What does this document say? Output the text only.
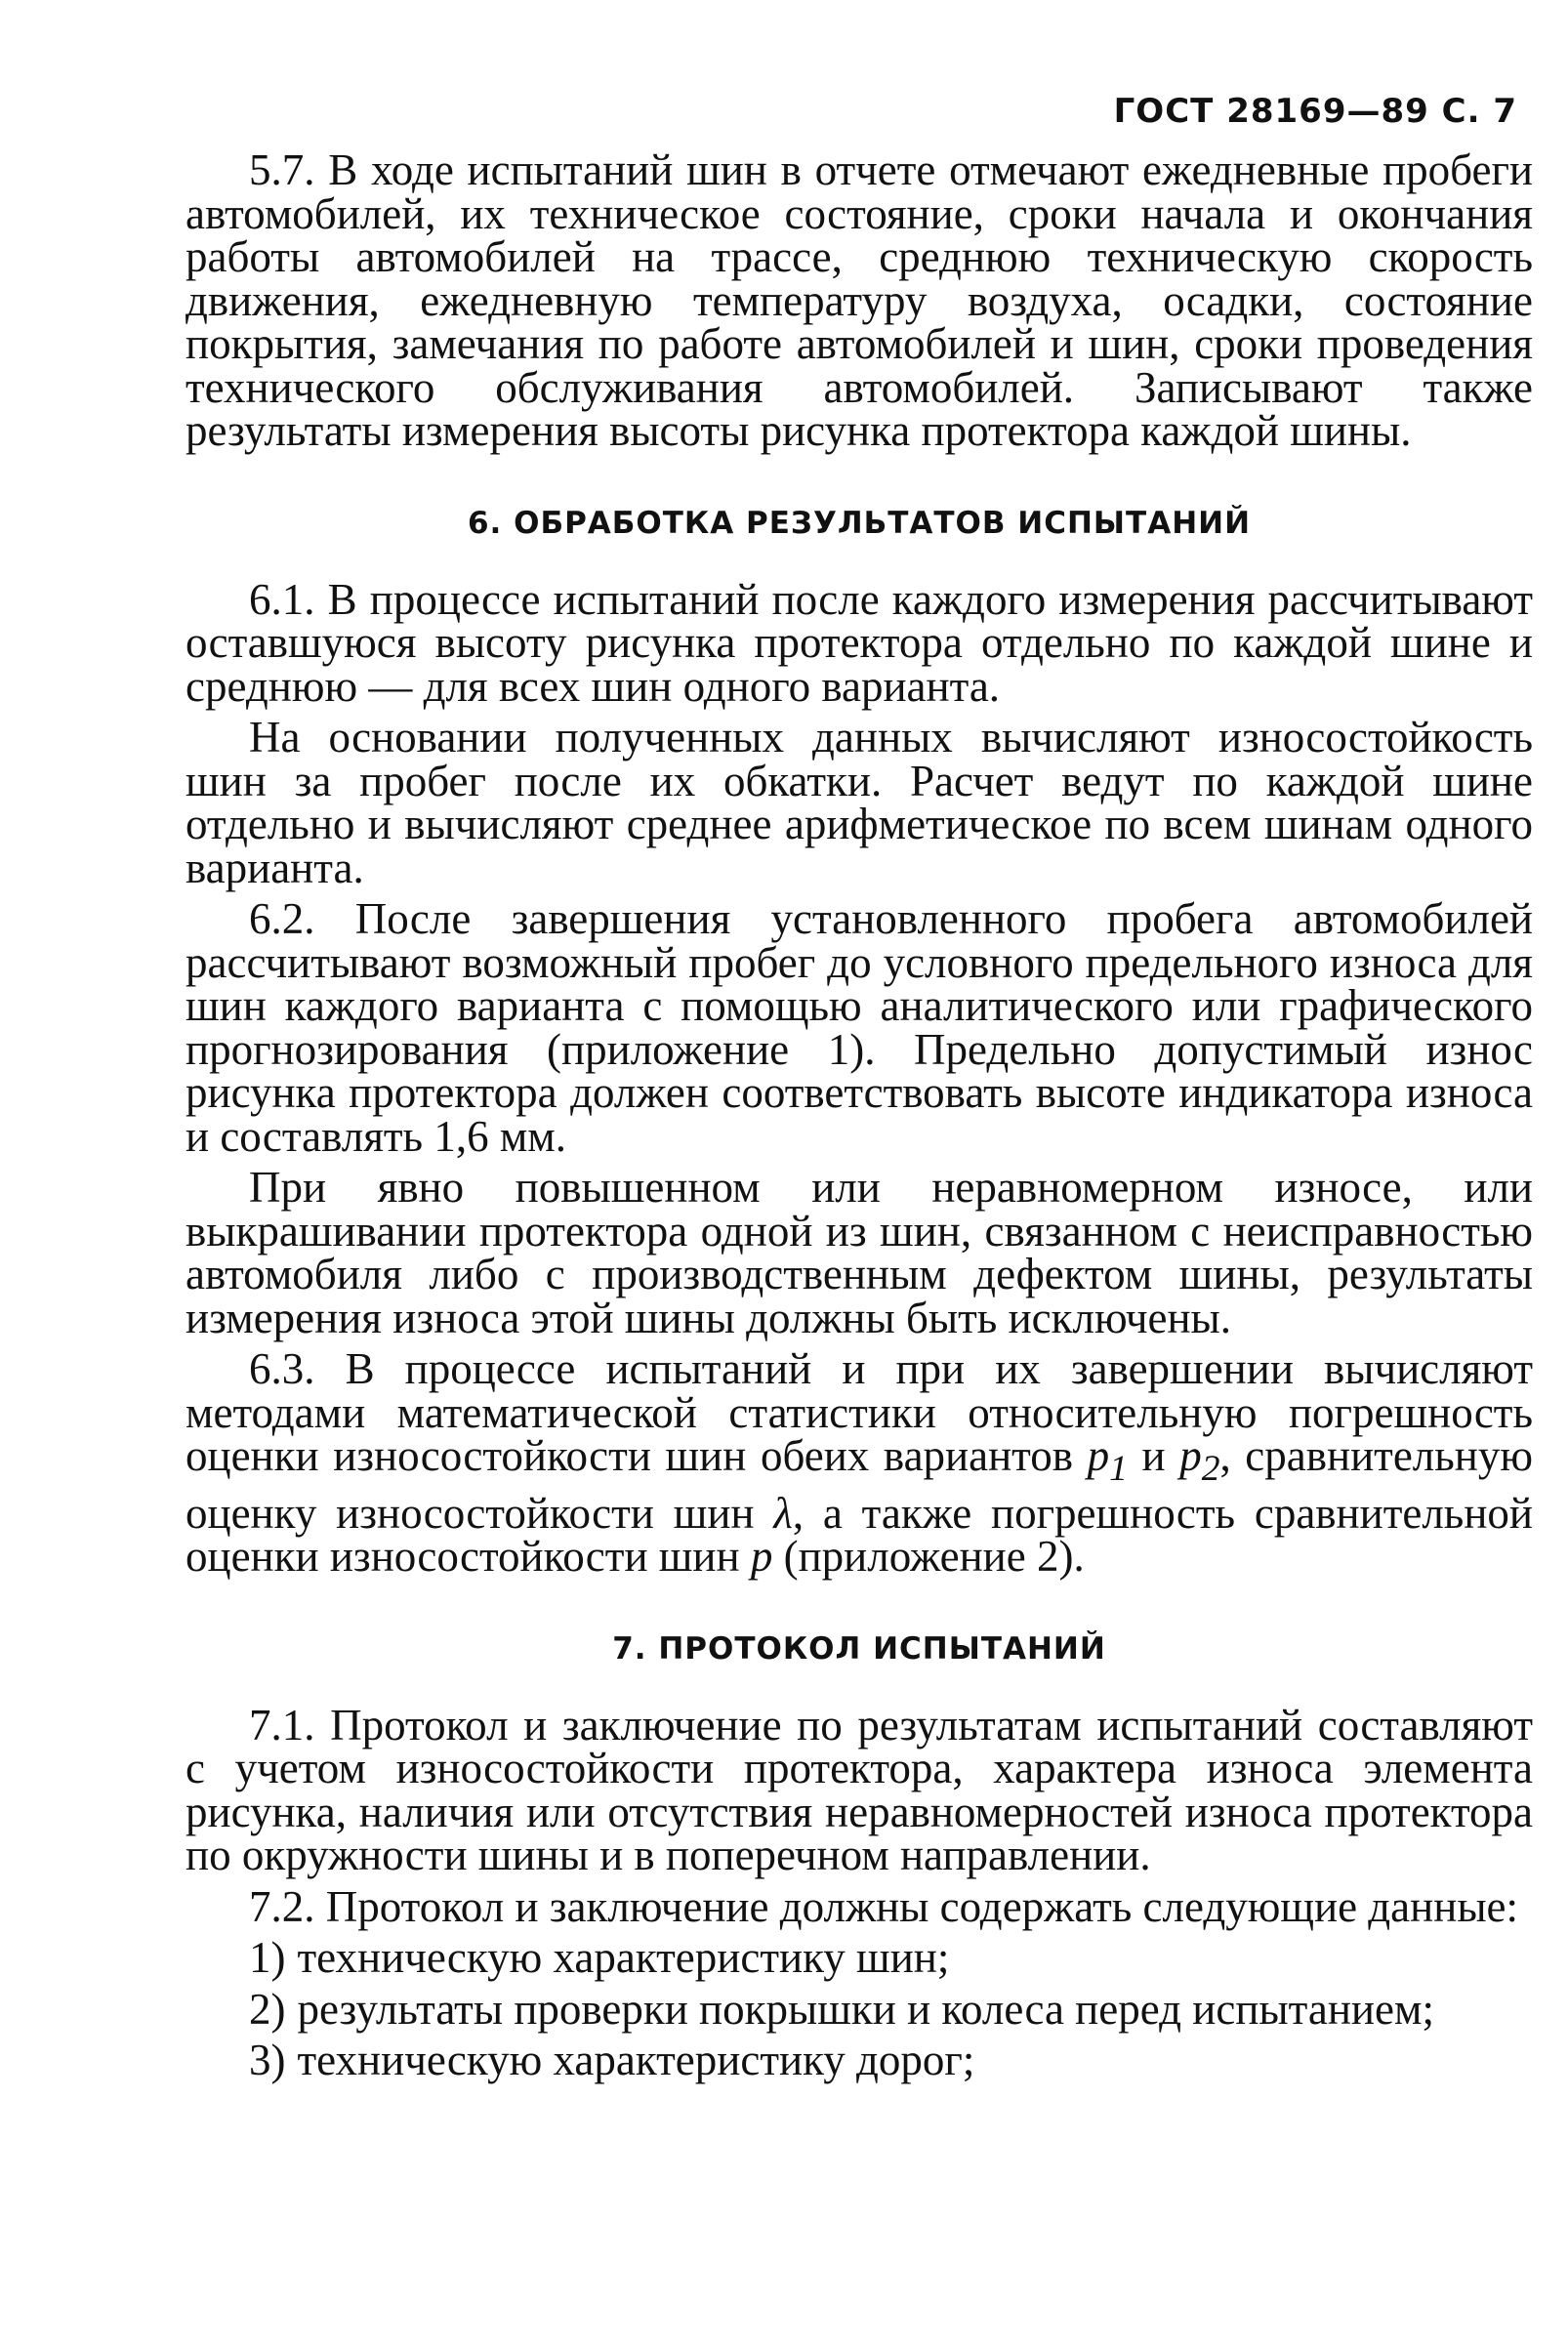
ГОСТ 28169—89 С. 7

5.7. В ходе испытаний шин в отчете отмечают ежедневные пробеги автомобилей, их техническое состояние, сроки начала и окончания работы автомобилей на трассе, среднюю техническую скорость движения, ежедневную температуру воздуха, осадки, состояние покрытия, замечания по работе автомобилей и шин, сроки проведения технического обслуживания автомобилей. Записывают также результаты измерения высоты рисунка протектора каждой шины.

6. ОБРАБОТКА РЕЗУЛЬТАТОВ ИСПЫТАНИЙ

6.1. В процессе испытаний после каждого измерения рассчитывают оставшуюся высоту рисунка протектора отдельно по каждой шине и среднюю — для всех шин одного варианта.

На основании полученных данных вычисляют износостойкость шин за пробег после их обкатки. Расчет ведут по каждой шине отдельно и вычисляют среднее арифметическое по всем шинам одного варианта.

6.2. После завершения установленного пробега автомобилей рассчитывают возможный пробег до условного предельного износа для шин каждого варианта с помощью аналитического или графического прогнозирования (приложение 1). Предельно допустимый износ рисунка протектора должен соответствовать высоте индикатора износа и составлять 1,6 мм.

При явно повышенном или неравномерном износе, или выкрашивании протектора одной из шин, связанном с неисправностью автомобиля либо с производственным дефектом шины, результаты измерения износа этой шины должны быть исключены.

6.3. В процессе испытаний и при их завершении вычисляют методами математической статистики относительную погрешность оценки износостойкости шин обеих вариантов $p_1$ и $p_2$, сравнительную оценку износостойкости шин λ, а также погрешность сравнительной оценки износостойкости шин p (приложение 2).

7. ПРОТОКОЛ ИСПЫТАНИЙ

7.1. Протокол и заключение по результатам испытаний составляют с учетом износостойкости протектора, характера износа элемента рисунка, наличия или отсутствия неравномерностей износа протектора по окружности шины и в поперечном направлении.

7.2. Протокол и заключение должны содержать следующие данные:

1) техническую характеристику шин;
2) результаты проверки покрышки и колеса перед испытанием;
3) техническую характеристику дорог;
